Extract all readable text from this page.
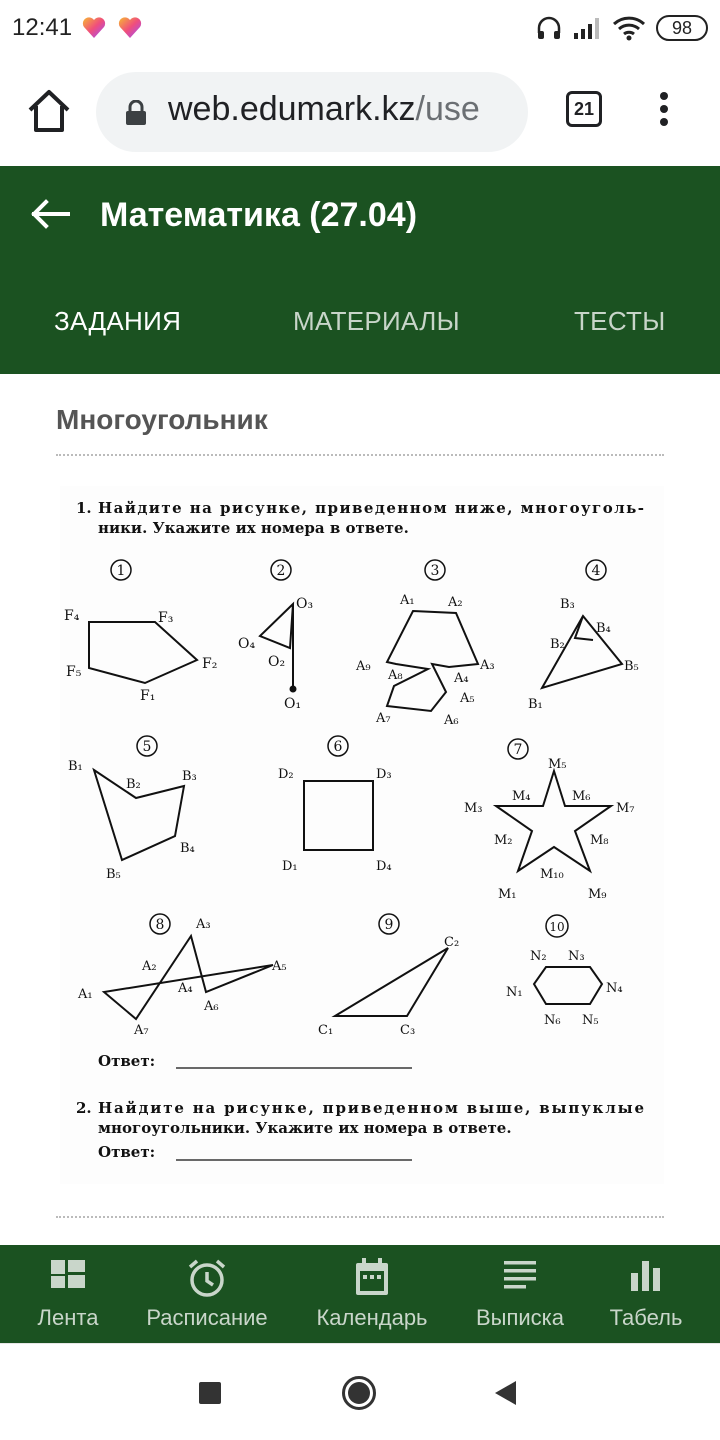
12:41	98
web.edumark.kz/use	21
Математика (27.04)
ЗАДАНИЯ	МАТЕРИАЛЫ	ТЕСТЫ
Многоугольник
1. Найдите на рисунке, приведенном ниже, многоуголь-
ники. Укажите их номера в ответе.
1	2	3	4
5	6	7
8	9	10
F₄	F₃
F₂
F₁
F₅
O₃
O₄
O₂
O₁
A₁	A₂
A₃
A₄
A₅
A₆
A₇
A₈
A₉
B₃
B₄
B₂
B₅
B₁
B₁
B₂
B₃
B₄
B₅
D₂	D₃
D₁	D₄
M₅
M₄	M₆
M₃	M₇
M₂	M₈
M₁₀
M₁	M₉
A₃
A₂	A₅
A₁	A₄
A₆
A₇
C₂
C₁	C₃
N₂ N₃
N₄
N₁
N₆ N₅
Ответ:
2. Найдите на рисунке, приведенном выше, выпуклые
многоугольники. Укажите их номера в ответе.
Ответ:
Лента	Расписание	Календарь	Выписка	Табель
